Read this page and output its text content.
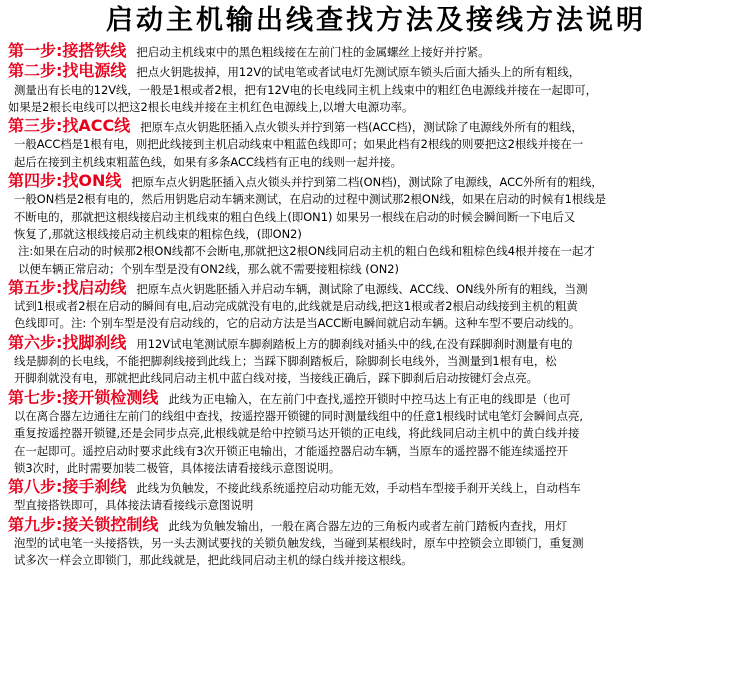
启动主机输出线查找方法及接线方法说明
第一步:接搭铁线 把启动主机线束中的黑色粗线接在左前门柱的金属螺丝上接好并拧紧。
第二步:找电源线 把点火钥匙拔掉，用12V的试电笔或者试电灯先测试原车锁头后面大插头上的所有粗线，
测量出有长电的12V线，一般是1根或者2根，把有12V电的长电线同主机上线束中的粗红色电源线并接在一起即可，
如果是2根长电线可以把这2根长电线并接在主机红色电源线上,以增大电源功率。
第三步:找ACC线 把原车点火钥匙胚插入点火锁头并拧到第一档(ACC档)，测试除了电源线外所有的粗线，
一般ACC档是1根有电，则把此线接到主机启动线束中粗蓝色线即可；如果此档有2根线的则要把这2根线并接在一
起后在接到主机线束粗蓝色线，如果有多条ACC线档有正电的线则一起并接。
第四步:找ON线 把原车点火钥匙胚插入点火锁头并拧到第二档(ON档)，测试除了电源线，ACC外所有的粗线，
一般ON档是2根有电的，然后用钥匙启动车辆来测试，在启动的过程中测试那2根ON线，如果在启动的时候有1根线是
不断电的，那就把这根线接启动主机线束的粗白色线上(即ON1) 如果另一根线在启动的时候会瞬间断一下电后又
恢复了,那就这根线接启动主机线束的粗棕色线，(即ON2)
注:如果在启动的时候那2根ON线都不会断电,那就把这2根ON线同启动主机的粗白色线和粗棕色线4根并接在一起才
以便车辆正常启动；个别车型是没有ON2线，那么就不需要接粗棕线 (ON2)
第五步:找启动线 把原车点火钥匙胚插入并启动车辆，测试除了电源线、ACC线、ON线外所有的粗线，当测
试到1根或者2根在启动的瞬间有电,启动完成就没有电的,此线就是启动线,把这1根或者2根启动线接到主机的粗黄
色线即可。注: 个别车型是没有启动线的，它的启动方法是当ACC断电瞬间就启动车辆。这种车型不要启动线的。
第六步:找脚刹线 用12V试电笔测试原车脚刹踏板上方的脚刹线对插头中的线,在没有踩脚刹时测量有电的
线是脚刹的长电线，不能把脚刹线接到此线上；当踩下脚刹踏板后，除脚刹长电线外，当测量到1根有电，松
开脚刹就没有电，那就把此线同启动主机中蓝白线对接，当接线正确后，踩下脚刹后启动按键灯会点亮。
第七步:接开锁检测线 此线为正电输入，在左前门中查找,遥控开锁时中控马达上有正电的线即是（也可
以在离合器左边通往左前门的线组中查找，按遥控器开锁键的同时测量线组中的任意1根线时试电笔灯会瞬间点亮,
重复按遥控器开锁键,还是会同步点亮,此根线就是给中控锁马达开锁的正电线，将此线同启动主机中的黄白线并接
在一起即可。遥控启动时要求此线有3次开锁正电输出，才能遥控器启动车辆，当原车的遥控器不能连续遥控开
锁3次时，此时需要加装二极管，具体接法请看接线示意图说明。
第八步:接手刹线 此线为负触发，不接此线系统遥控启动功能无效，手动档车型接手刹开关线上，自动档车
型直接搭铁即可，具体接法请看接线示意图说明
第九步:接关锁控制线 此线为负触发输出，一般在离合器左边的三角板内或者左前门踏板内查找，用灯
泡型的试电笔一头接搭铁，另一头去测试要找的关锁负触发线，当碰到某根线时，原车中控锁会立即锁门，重复测
试多次一样会立即锁门，那此线就是，把此线同启动主机的绿白线并接这根线。
